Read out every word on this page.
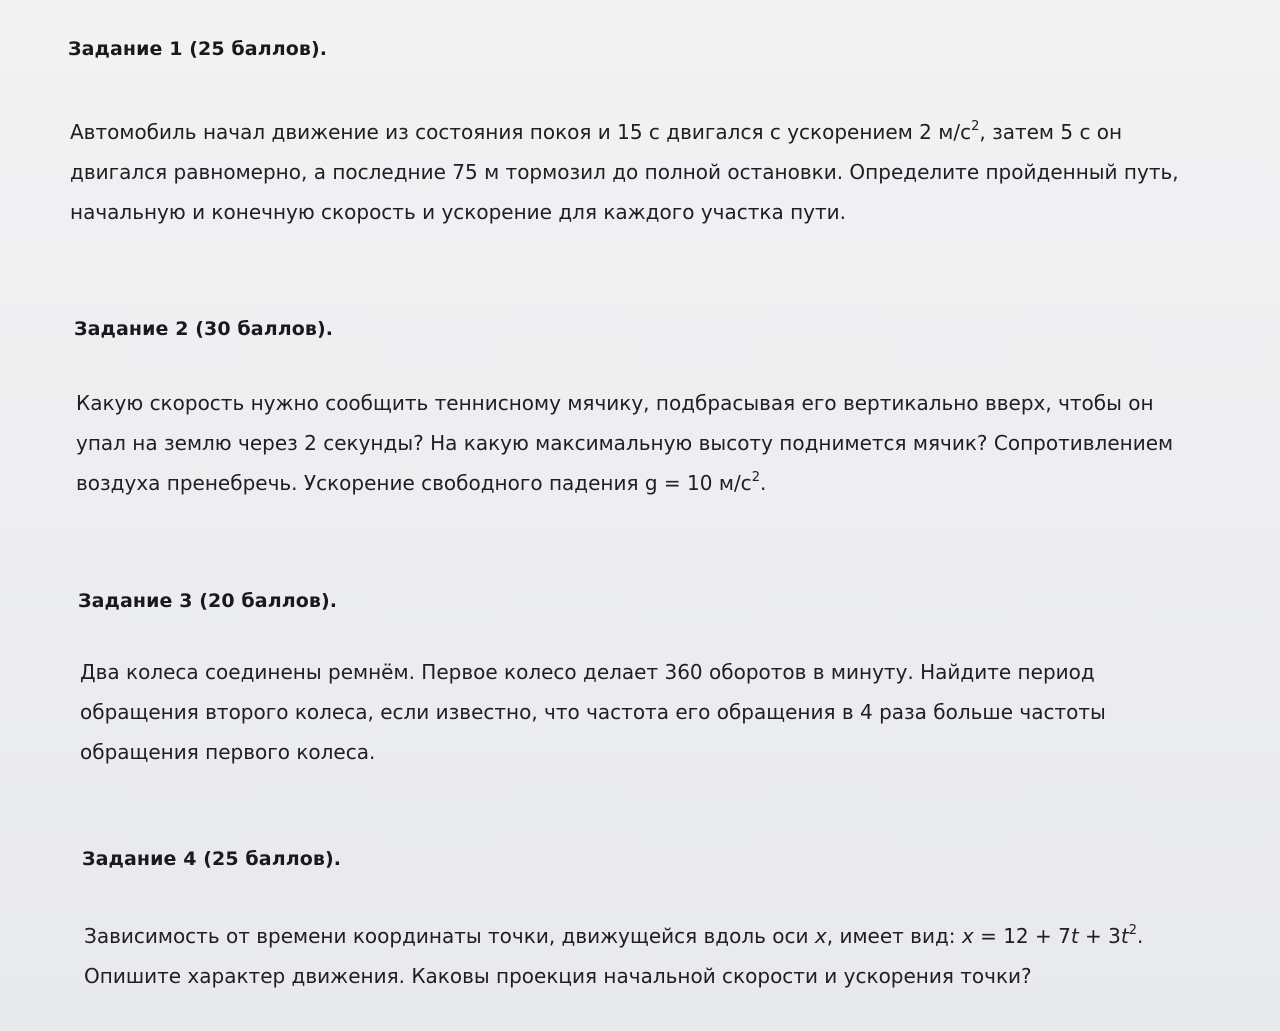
Задание 1 (25 баллов).

Автомобиль начал движение из состояния покоя и 15 с двигался с ускорением 2 $м/с^2$, затем 5 с он
двигался равномерно, а последние 75 м тормозил до полной остановки. Определите пройденный путь,
начальную и конечную скорость и ускорение для каждого участка пути.

Задание 2 (30 баллов).

Какую скорость нужно сообщить теннисному мячику, подбрасывая его вертикально вверх, чтобы он
упал на землю через 2 секунды? На какую максимальную высоту поднимется мячик? Сопротивлением
воздуха пренебречь. Ускорение свободного падения g = 10 $м/с^2$.

Задание 3 (20 баллов).

Два колеса соединены ремнём. Первое колесо делает 360 оборотов в минуту. Найдите период
обращения второго колеса, если известно, что частота его обращения в 4 раза больше частоты
обращения первого колеса.

Задание 4 (25 баллов).

Зависимость от времени координаты точки, движущейся вдоль оси x, имеет вид: $x = 12 + 7t + 3t^2$.
Опишите характер движения. Каковы проекция начальной скорости и ускорения точки?
